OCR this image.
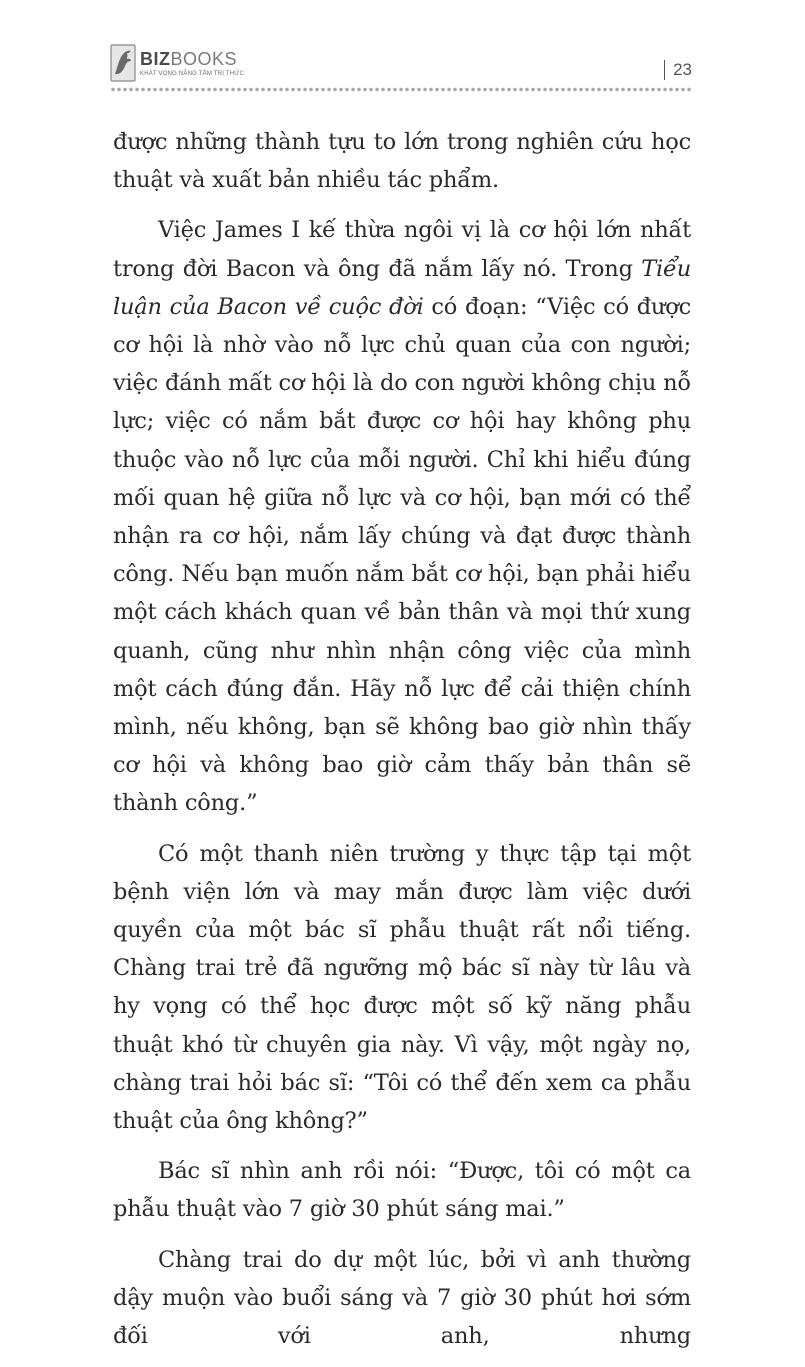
BIZBOOKS
KHÁT VỌNG NÂNG TẦM TRI THỨC	23

được những thành tựu to lớn trong nghiên cứu học thuật và xuất bản nhiều tác phẩm.

Việc James I kế thừa ngôi vị là cơ hội lớn nhất trong đời Bacon và ông đã nắm lấy nó. Trong Tiểu luận của Bacon về cuộc đời có đoạn: “Việc có được cơ hội là nhờ vào nỗ lực chủ quan của con người; việc đánh mất cơ hội là do con người không chịu nỗ lực; việc có nắm bắt được cơ hội hay không phụ thuộc vào nỗ lực của mỗi người. Chỉ khi hiểu đúng mối quan hệ giữa nỗ lực và cơ hội, bạn mới có thể nhận ra cơ hội, nắm lấy chúng và đạt được thành công. Nếu bạn muốn nắm bắt cơ hội, bạn phải hiểu một cách khách quan về bản thân và mọi thứ xung quanh, cũng như nhìn nhận công việc của mình một cách đúng đắn. Hãy nỗ lực để cải thiện chính mình, nếu không, bạn sẽ không bao giờ nhìn thấy cơ hội và không bao giờ cảm thấy bản thân sẽ thành công.”

Có một thanh niên trường y thực tập tại một bệnh viện lớn và may mắn được làm việc dưới quyền của một bác sĩ phẫu thuật rất nổi tiếng. Chàng trai trẻ đã ngưỡng mộ bác sĩ này từ lâu và hy vọng có thể học được một số kỹ năng phẫu thuật khó từ chuyên gia này. Vì vậy, một ngày nọ, chàng trai hỏi bác sĩ: “Tôi có thể đến xem ca phẫu thuật của ông không?”

Bác sĩ nhìn anh rồi nói: “Được, tôi có một ca phẫu thuật vào 7 giờ 30 phút sáng mai.”

Chàng trai do dự một lúc, bởi vì anh thường dậy muộn vào buổi sáng và 7 giờ 30 phút hơi sớm đối với anh, nhưng
